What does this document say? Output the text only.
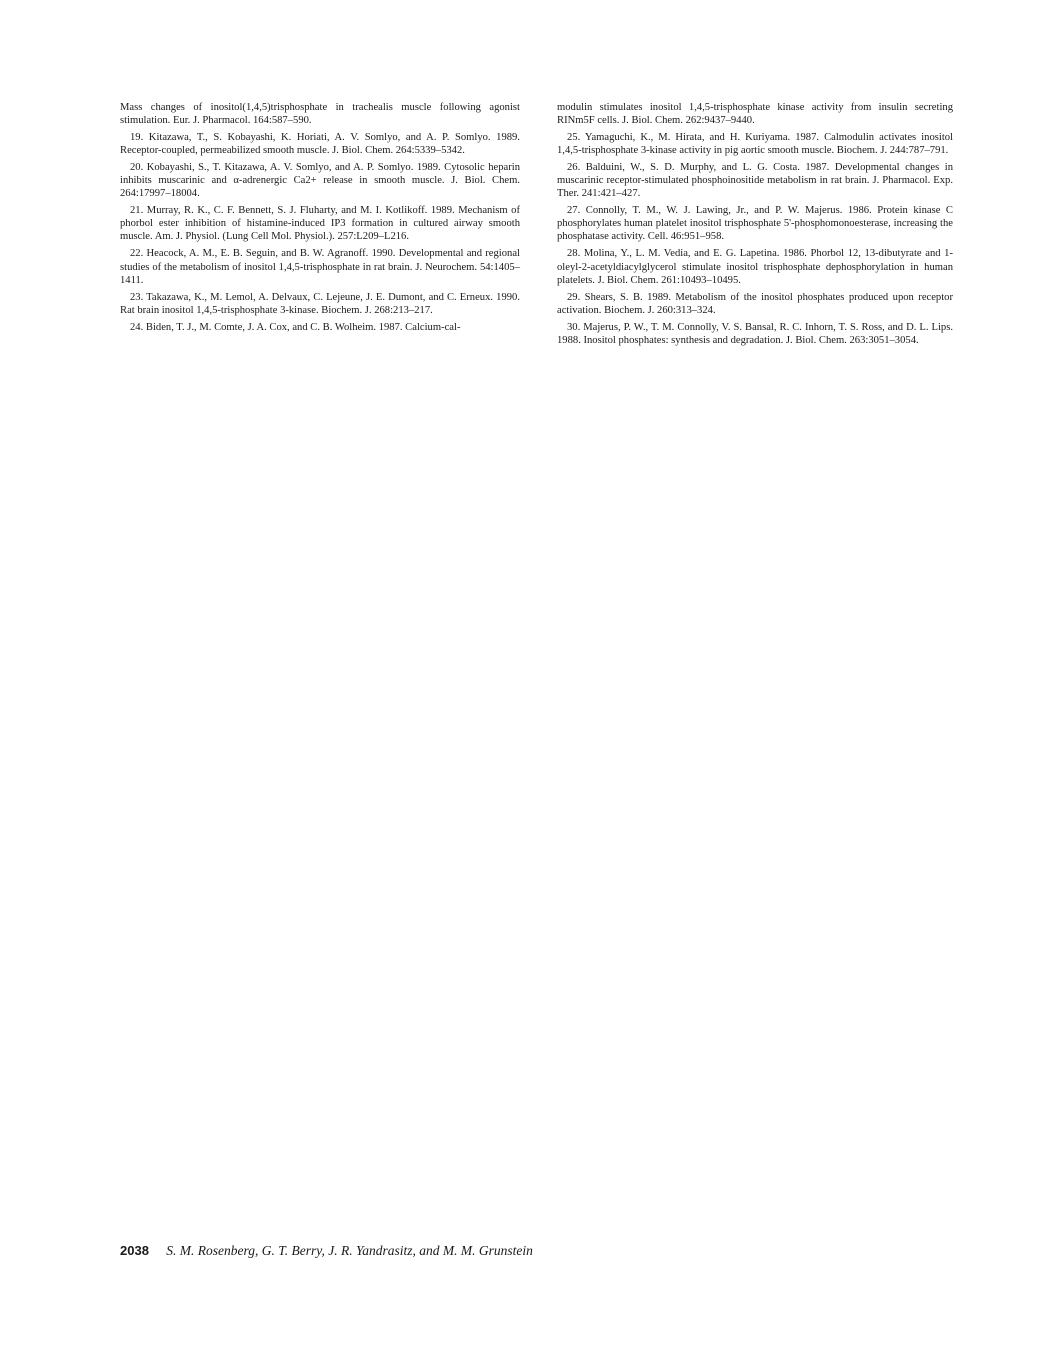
Mass changes of inositol(1,4,5)trisphosphate in trachealis muscle following agonist stimulation. Eur. J. Pharmacol. 164:587–590.

19. Kitazawa, T., S. Kobayashi, K. Horiati, A. V. Somlyo, and A. P. Somlyo. 1989. Receptor-coupled, permeabilized smooth muscle. J. Biol. Chem. 264:5339–5342.

20. Kobayashi, S., T. Kitazawa, A. V. Somlyo, and A. P. Somlyo. 1989. Cytosolic heparin inhibits muscarinic and α-adrenergic Ca2+ release in smooth muscle. J. Biol. Chem. 264:17997–18004.

21. Murray, R. K., C. F. Bennett, S. J. Fluharty, and M. I. Kotlikoff. 1989. Mechanism of phorbol ester inhibition of histamine-induced IP3 formation in cultured airway smooth muscle. Am. J. Physiol. (Lung Cell Mol. Physiol.). 257:L209–L216.

22. Heacock, A. M., E. B. Seguin, and B. W. Agranoff. 1990. Developmental and regional studies of the metabolism of inositol 1,4,5-trisphosphate in rat brain. J. Neurochem. 54:1405–1411.

23. Takazawa, K., M. Lemol, A. Delvaux, C. Lejeune, J. E. Dumont, and C. Erneux. 1990. Rat brain inositol 1,4,5-trisphosphate 3-kinase. Biochem. J. 268:213–217.

24. Biden, T. J., M. Comte, J. A. Cox, and C. B. Wolheim. 1987. Calcium-cal-

modulin stimulates inositol 1,4,5-trisphosphate kinase activity from insulin secreting RINm5F cells. J. Biol. Chem. 262:9437–9440.

25. Yamaguchi, K., M. Hirata, and H. Kuriyama. 1987. Calmodulin activates inositol 1,4,5-trisphosphate 3-kinase activity in pig aortic smooth muscle. Biochem. J. 244:787–791.

26. Balduini, W., S. D. Murphy, and L. G. Costa. 1987. Developmental changes in muscarinic receptor-stimulated phosphoinositide metabolism in rat brain. J. Pharmacol. Exp. Ther. 241:421–427.

27. Connolly, T. M., W. J. Lawing, Jr., and P. W. Majerus. 1986. Protein kinase C phosphorylates human platelet inositol trisphosphate 5'-phosphomonoesterase, increasing the phosphatase activity. Cell. 46:951–958.

28. Molina, Y., L. M. Vedia, and E. G. Lapetina. 1986. Phorbol 12, 13-dibutyrate and 1-oleyl-2-acetyldiacylglycerol stimulate inositol trisphosphate dephosphorylation in human platelets. J. Biol. Chem. 261:10493–10495.

29. Shears, S. B. 1989. Metabolism of the inositol phosphates produced upon receptor activation. Biochem. J. 260:313–324.

30. Majerus, P. W., T. M. Connolly, V. S. Bansal, R. C. Inhorn, T. S. Ross, and D. L. Lips. 1988. Inositol phosphates: synthesis and degradation. J. Biol. Chem. 263:3051–3054.

2038 S. M. Rosenberg, G. T. Berry, J. R. Yandrasitz, and M. M. Grunstein
